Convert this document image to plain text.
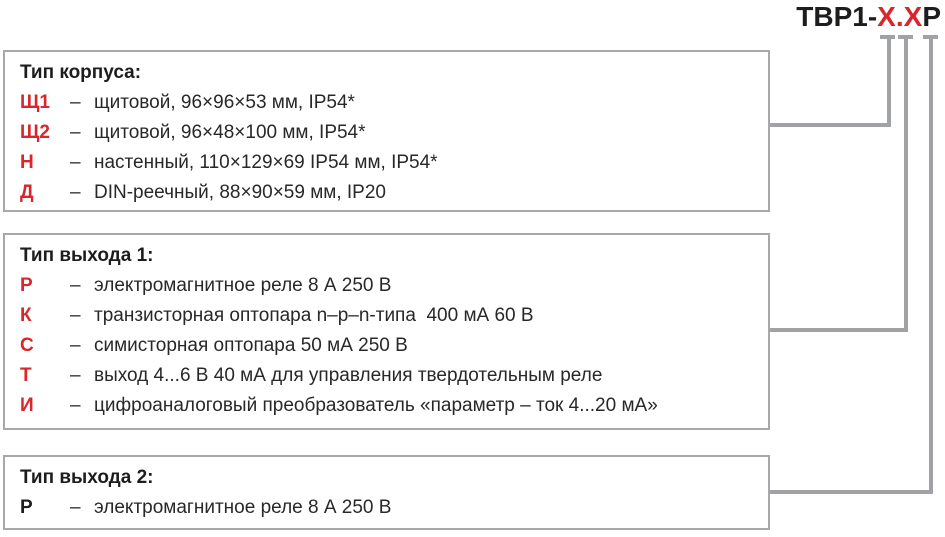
ТВР1-X.XР
Тип корпуса:
Щ1	– щитовой, 96×96×53 мм, IP54*
Щ2	– щитовой, 96×48×100 мм, IP54*
Н	– настенный, 110×129×69 IP54 мм, IP54*
Д	– DIN-реечный, 88×90×59 мм, IP20
Тип выхода 1:
Р	– электромагнитное реле 8 А 250 В
К	– транзисторная оптопара n–p–n-типа  400 мА 60 В
С	– симисторная оптопара 50 мА 250 В
Т	– выход 4...6 В 40 мА для управления твердотельным реле
И	– цифроаналоговый преобразователь «параметр – ток 4...20 мА»
Тип выхода 2:
Р	– электромагнитное реле 8 А 250 В
